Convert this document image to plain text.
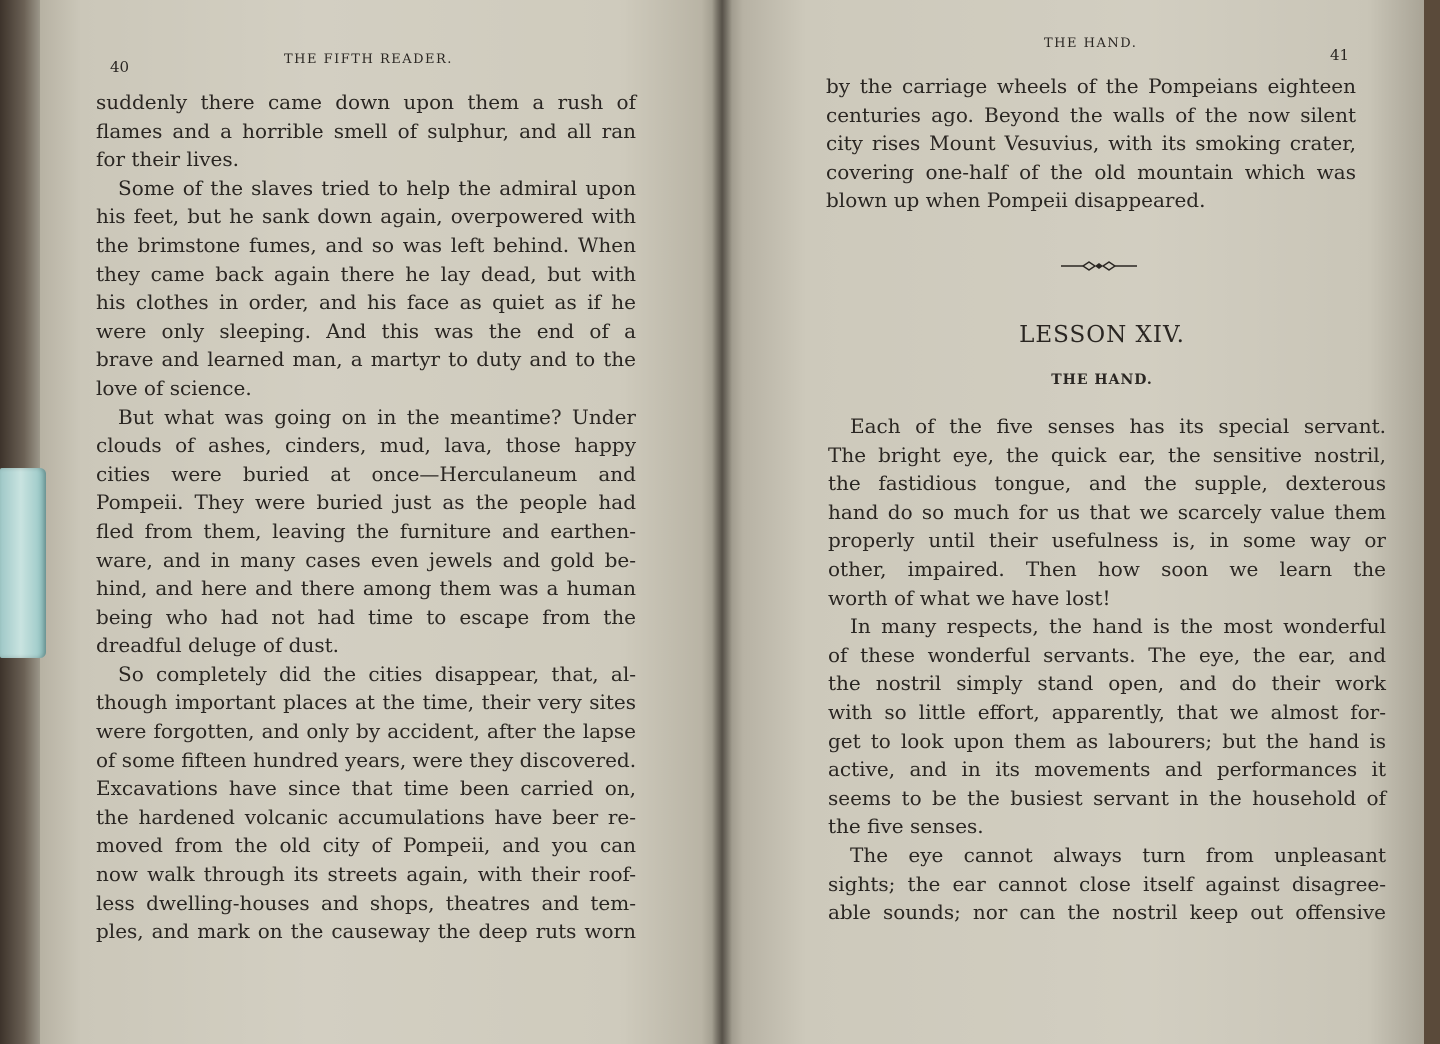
40	THE FIFTH READER.
suddenly there came down upon them a rush of
flames and a horrible smell of sulphur, and all ran
for their lives.
Some of the slaves tried to help the admiral upon
his feet, but he sank down again, overpowered with
the brimstone fumes, and so was left behind. When
they came back again there he lay dead, but with
his clothes in order, and his face as quiet as if he
were only sleeping. And this was the end of a
brave and learned man, a martyr to duty and to the
love of science.
But what was going on in the meantime? Under
clouds of ashes, cinders, mud, lava, those happy
cities were buried at once—Herculaneum and
Pompeii. They were buried just as the people had
fled from them, leaving the furniture and earthen-
ware, and in many cases even jewels and gold be-
hind, and here and there among them was a human
being who had not had time to escape from the
dreadful deluge of dust.
So completely did the cities disappear, that, al-
though important places at the time, their very sites
were forgotten, and only by accident, after the lapse
of some fifteen hundred years, were they discovered.
Excavations have since that time been carried on,
the hardened volcanic accumulations have beer re-
moved from the old city of Pompeii, and you can
now walk through its streets again, with their roof-
less dwelling-houses and shops, theatres and tem-
ples, and mark on the causeway the deep ruts worn
THE HAND.
41
by the carriage wheels of the Pompeians eighteen
centuries ago. Beyond the walls of the now silent
city rises Mount Vesuvius, with its smoking crater,
covering one-half of the old mountain which was
blown up when Pompeii disappeared.
LESSON XIV.
THE HAND.
Each of the five senses has its special servant.
The bright eye, the quick ear, the sensitive nostril,
the fastidious tongue, and the supple, dexterous
hand do so much for us that we scarcely value them
properly until their usefulness is, in some way or
other, impaired. Then how soon we learn the
worth of what we have lost!
In many respects, the hand is the most wonderful
of these wonderful servants. The eye, the ear, and
the nostril simply stand open, and do their work
with so little effort, apparently, that we almost for-
get to look upon them as labourers; but the hand is
active, and in its movements and performances it
seems to be the busiest servant in the household of
the five senses.
The eye cannot always turn from unpleasant
sights; the ear cannot close itself against disagree-
able sounds; nor can the nostril keep out offensive
